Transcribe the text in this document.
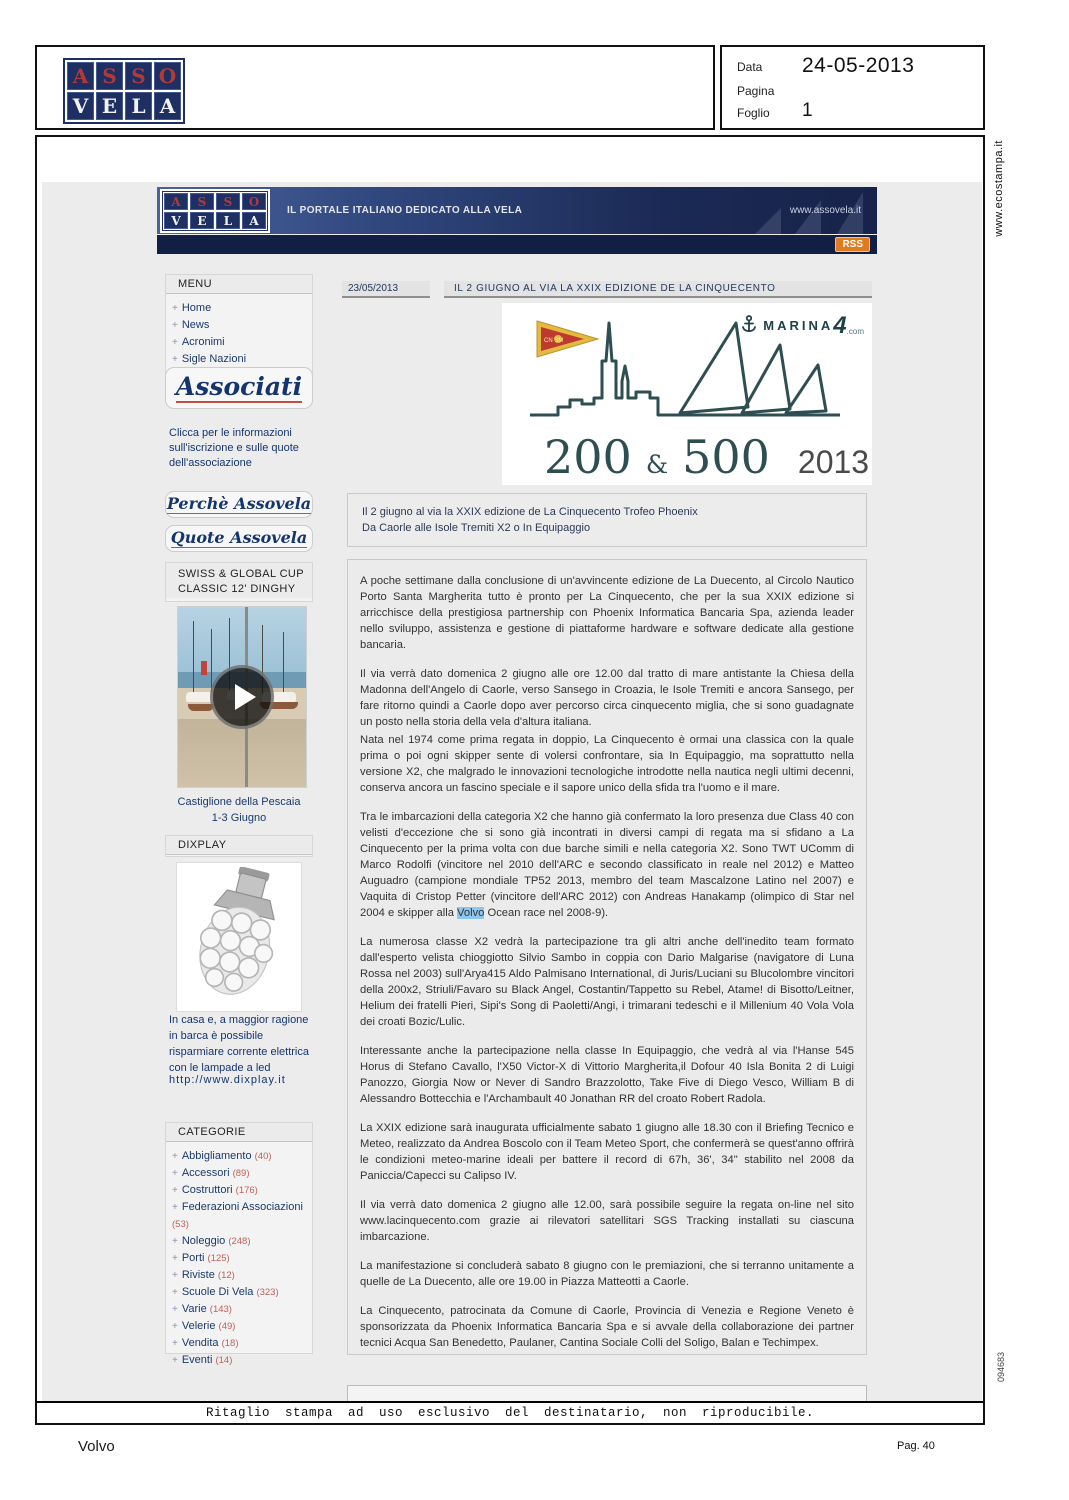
A S S O
V E L A
Data 24-05-2013
Pagina
Foglio 1
www.ecostampa.it
094683
A	S	S	O
V	E	L	A
IL PORTALE ITALIANO DEDICATO ALLA VELA	www.assovela.it
RSS
MENU
+ Home
+ News
+ Acronimi
+ Sigle Nazioni
Associati
Clicca per le informazioni sull'iscrizione e sulle quote dell'associazione
Perchè Assovela
Quote Assovela
SWISS & GLOBAL CUP
CLASSIC 12' DINGHY
Castiglione della Pescaia
1-3 Giugno
DIXPLAY
In casa e, a maggior ragione in barca è possibile risparmiare corrente elettrica con le lampade a led
http://www.dixplay.it
CATEGORIE
+ Abbigliamento (40)
+ Accessori (89)
+ Costruttori (176)
+ Federazioni Associazioni (53)
+ Noleggio (248)
+ Porti (125)
+ Riviste (12)
+ Scuole Di Vela (323)
+ Varie (143)
+ Velerie (49)
+ Vendita (18)
+ Eventi (14)
23/05/2013	IL 2 GIUGNO AL VIA LA XXIX EDIZIONE DE LA CINQUECENTO
CN SM
MARINA 4 .com
200 & 500 2013
Il 2 giugno al via la XXIX edizione de La Cinquecento Trofeo Phoenix
Da Caorle alle Isole Tremiti X2 o In Equipaggio

A poche settimane dalla conclusione di un'avvincente edizione de La Duecento, al Circolo Nautico Porto Santa Margherita tutto è pronto per La Cinquecento, che per la sua XXIX edizione si arricchisce della prestigiosa partnership con Phoenix Informatica Bancaria Spa, azienda leader nello sviluppo, assistenza e gestione di piattaforme hardware e software dedicate alla gestione bancaria.

Il via verrà dato domenica 2 giugno alle ore 12.00 dal tratto di mare antistante la Chiesa della Madonna dell'Angelo di Caorle, verso Sansego in Croazia, le Isole Tremiti e ancora Sansego, per fare ritorno quindi a Caorle dopo aver percorso circa cinquecento miglia, che si sono guadagnate un posto nella storia della vela d'altura italiana.

Nata nel 1974 come prima regata in doppio, La Cinquecento è ormai una classica con la quale prima o poi ogni skipper sente di volersi confrontare, sia In Equipaggio, ma soprattutto nella versione X2, che malgrado le innovazioni tecnologiche introdotte nella nautica negli ultimi decenni, conserva ancora un fascino speciale e il sapore unico della sfida tra l'uomo e il mare.

Tra le imbarcazioni della categoria X2 che hanno già confermato la loro presenza due Class 40 con velisti d'eccezione che si sono già incontrati in diversi campi di regata ma si sfidano a La Cinquecento per la prima volta con due barche simili e nella categoria X2. Sono TWT UComm di Marco Rodolfi (vincitore nel 2010 dell'ARC e secondo classificato in reale nel 2012) e Matteo Auguadro (campione mondiale TP52 2013, membro del team Mascalzone Latino nel 2007) e Vaquita di Cristop Petter (vincitore dell'ARC 2012) con Andreas Hanakamp (olimpico di Star nel 2004 e skipper alla Volvo Ocean race nel 2008-9).

La numerosa classe X2 vedrà la partecipazione tra gli altri anche dell'inedito team formato dall'esperto velista chioggiotto Silvio Sambo in coppia con Dario Malgarise (navigatore di Luna Rossa nel 2003) sull'Arya415 Aldo Palmisano International, di Juris/Luciani su Blucolombre vincitori della 200x2, Striuli/Favaro su Black Angel, Costantin/Tappetto su Rebel, Atame! di Bisotto/Leitner, Helium dei fratelli Pieri, Sipi's Song di Paoletti/Angi, i trimarani tedeschi e il Millenium 40 Vola Vola dei croati Bozic/Lulic.

Interessante anche la partecipazione nella classe In Equipaggio, che vedrà al via l'Hanse 545 Horus di Stefano Cavallo, l'X50 Victor-X di Vittorio Margherita,il Dofour 40 Isla Bonita 2 di Luigi Panozzo, Giorgia Now or Never di Sandro Brazzolotto, Take Five di Diego Vesco, William B di Alessandro Bottecchia e l'Archambault 40 Jonathan RR del croato Robert Radola.

La XXIX edizione sarà inaugurata ufficialmente sabato 1 giugno alle 18.30 con il Briefing Tecnico e Meteo, realizzato da Andrea Boscolo con il Team Meteo Sport, che confermerà se quest'anno offrirà le condizioni meteo-marine ideali per battere il record di 67h, 36', 34" stabilito nel 2008 da Paniccia/Capecci su Calipso IV.

Il via verrà dato domenica 2 giugno alle 12.00, sarà possibile seguire la regata on-line nel sito www.lacinquecento.com grazie ai rilevatori satellitari SGS Tracking installati su ciascuna imbarcazione.

La manifestazione si concluderà sabato 8 giugno con le premiazioni, che si terranno unitamente a quelle de La Duecento, alle ore 19.00 in Piazza Matteotti a Caorle.

La Cinquecento, patrocinata da Comune di Caorle, Provincia di Venezia e Regione Veneto è sponsorizzata da Phoenix Informatica Bancaria Spa e si avvale della collaborazione dei partner tecnici Acqua San Benedetto, Paulaner, Cantina Sociale Colli del Soligo, Balan e Techimpex.

Ritaglio stampa ad uso esclusivo del destinatario, non riproducibile.
Volvo	Pag. 40
